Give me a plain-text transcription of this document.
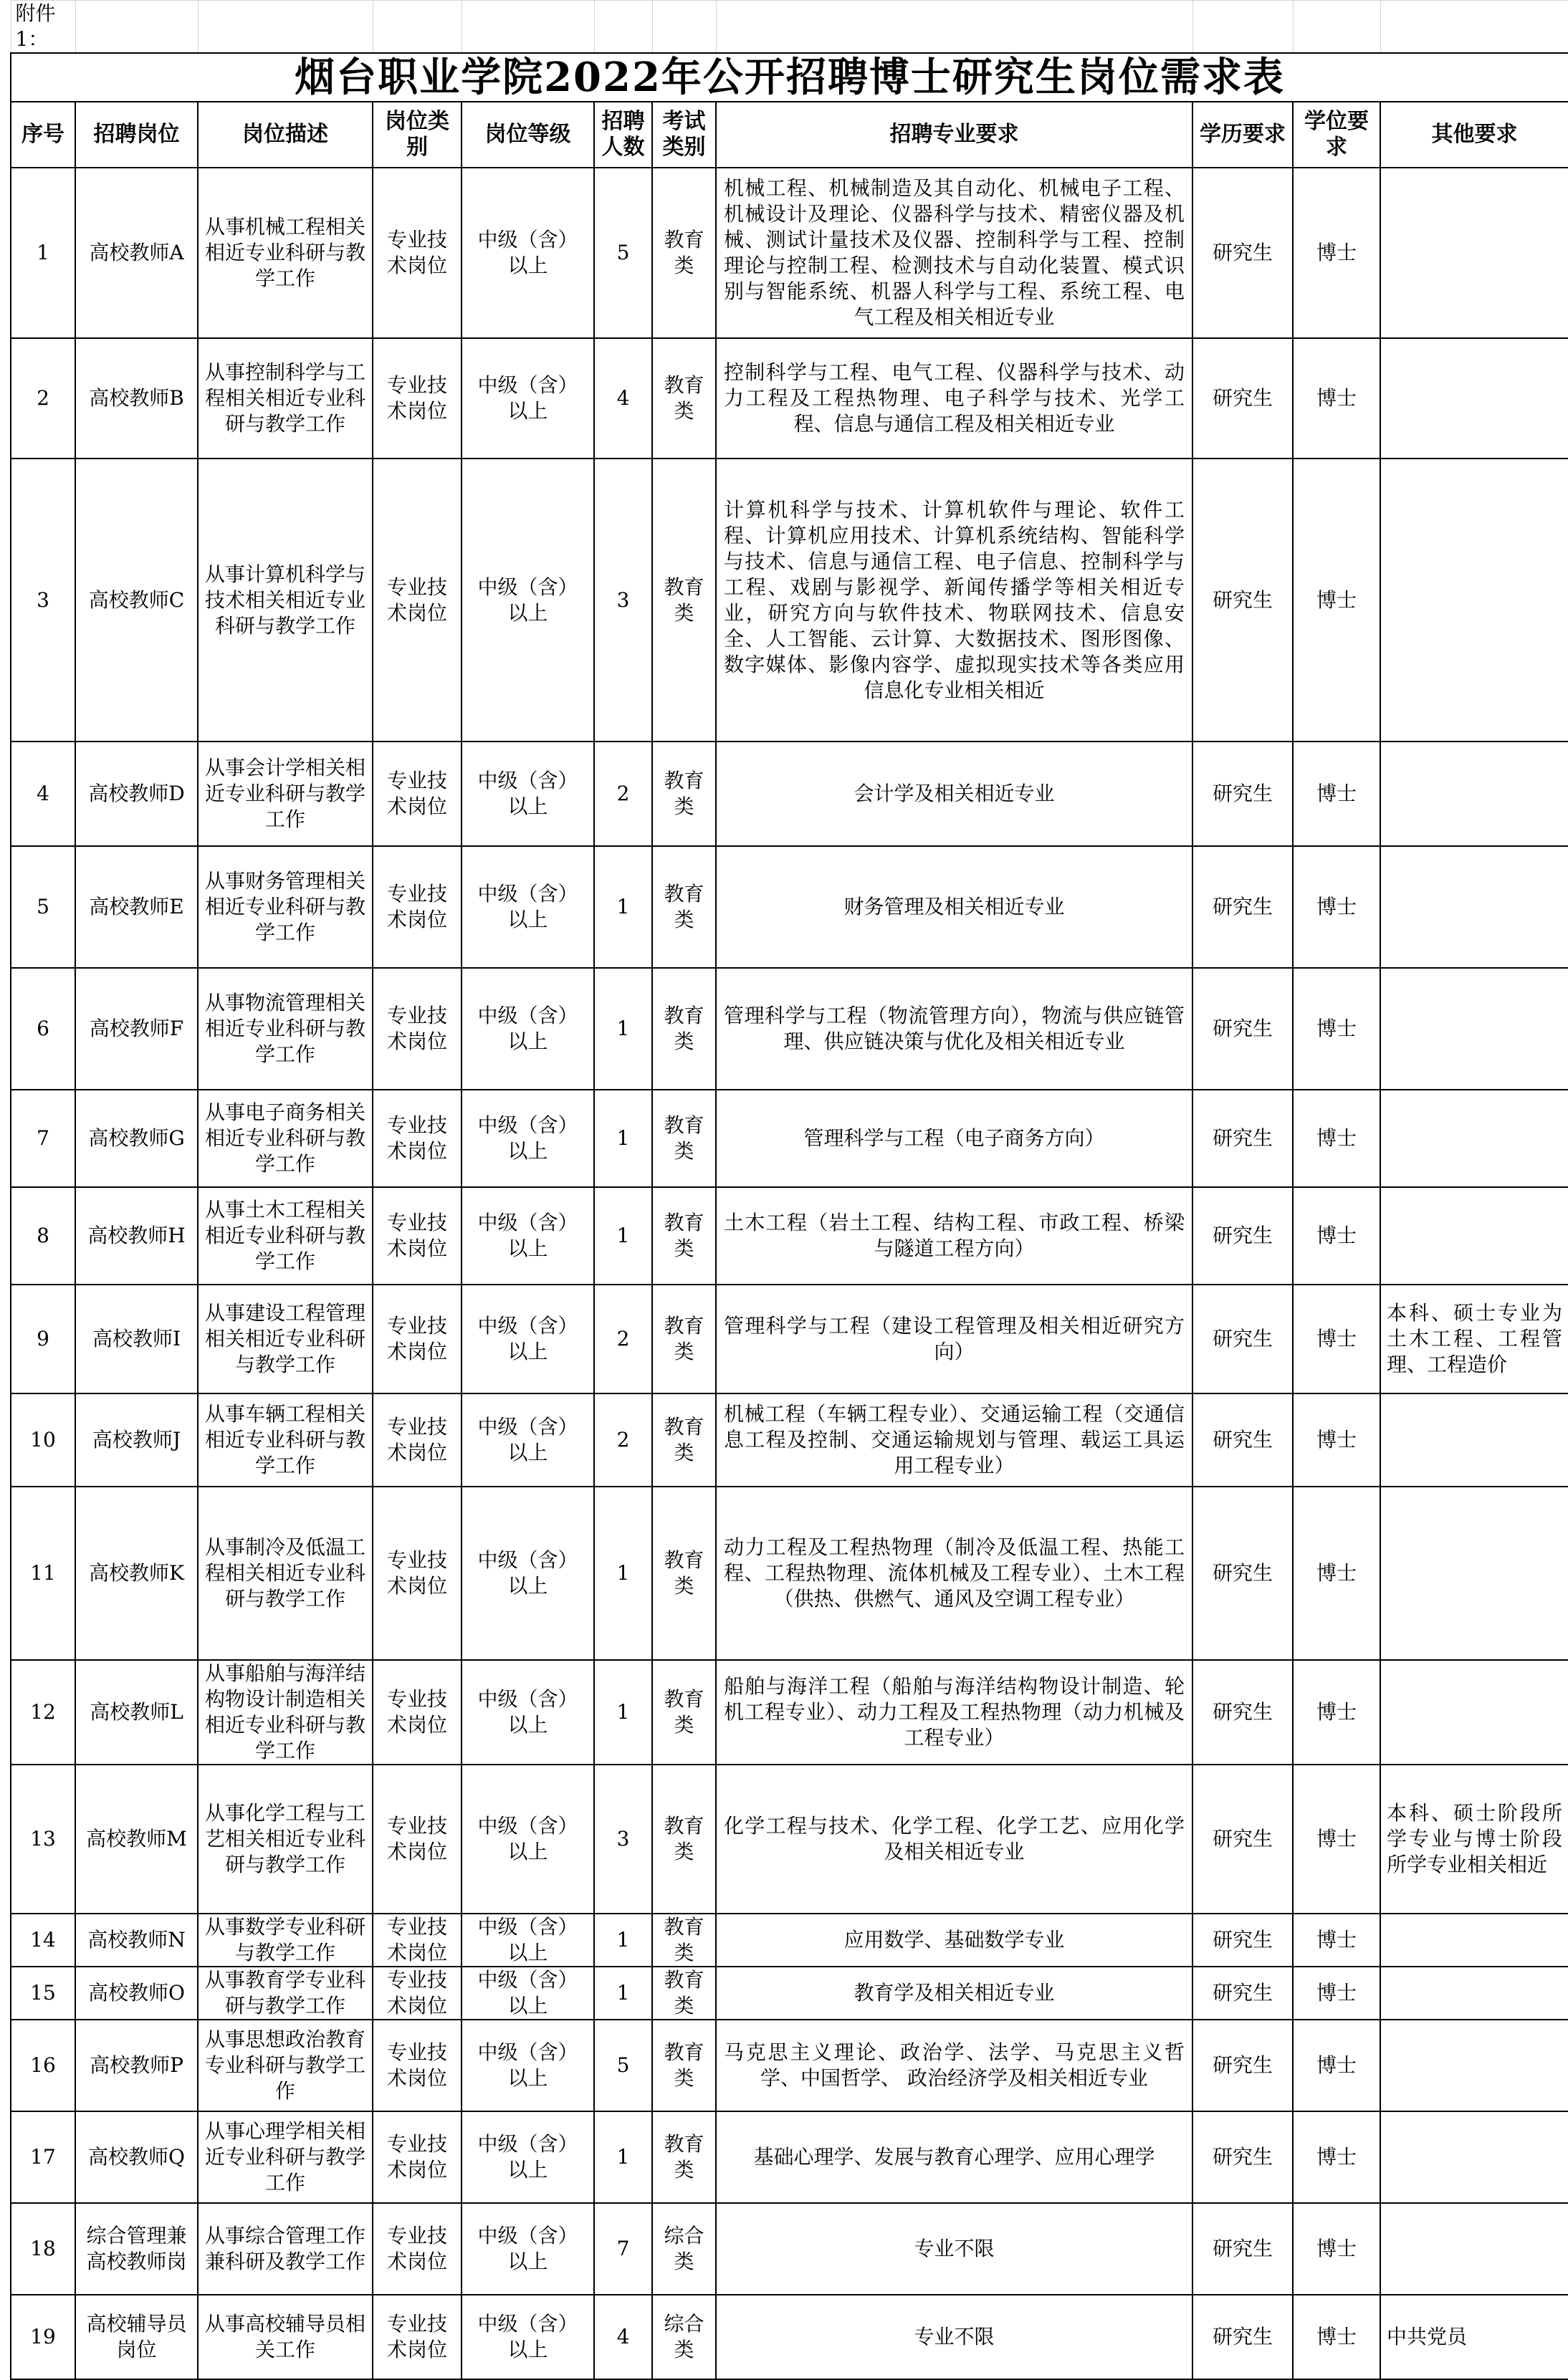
附件1：										
烟台职业学院2022年公开招聘博士研究生岗位需求表										
序号	招聘岗位	岗位描述	岗位类别	岗位等级	招聘人数	考试类别	招聘专业要求	学历要求	学位要求	其他要求
1	高校教师A	从事机械工程相关相近专业科研与教学工作	专业技术岗位	中级（含）以上	5	教育类	机械工程、机械制造及其自动化、机械电子工程、机械设计及理论、仪器科学与技术、精密仪器及机械、测试计量技术及仪器、控制科学与工程、控制理论与控制工程、检测技术与自动化装置、模式识别与智能系统、机器人科学与工程、系统工程、电气工程及相关相近专业	研究生	博士	
2	高校教师B	从事控制科学与工程相关相近专业科研与教学工作	专业技术岗位	中级（含）以上	4	教育类	控制科学与工程、电气工程、仪器科学与技术、动力工程及工程热物理、电子科学与技术、光学工程、信息与通信工程及相关相近专业	研究生	博士	
3	高校教师C	从事计算机科学与技术相关相近专业科研与教学工作	专业技术岗位	中级（含）以上	3	教育类	计算机科学与技术、计算机软件与理论、软件工程、计算机应用技术、计算机系统结构、智能科学与技术、信息与通信工程、电子信息、控制科学与工程、戏剧与影视学、新闻传播学等相关相近专业，研究方向与软件技术、物联网技术、信息安全、人工智能、云计算、大数据技术、图形图像、数字媒体、影像内容学、虚拟现实技术等各类应用信息化专业相关相近	研究生	博士	
4	高校教师D	从事会计学相关相近专业科研与教学工作	专业技术岗位	中级（含）以上	2	教育类	会计学及相关相近专业	研究生	博士	
5	高校教师E	从事财务管理相关相近专业科研与教学工作	专业技术岗位	中级（含）以上	1	教育类	财务管理及相关相近专业	研究生	博士	
6	高校教师F	从事物流管理相关相近专业科研与教学工作	专业技术岗位	中级（含）以上	1	教育类	管理科学与工程（物流管理方向），物流与供应链管理、供应链决策与优化及相关相近专业	研究生	博士	
7	高校教师G	从事电子商务相关相近专业科研与教学工作	专业技术岗位	中级（含）以上	1	教育类	管理科学与工程（电子商务方向）	研究生	博士	
8	高校教师H	从事土木工程相关相近专业科研与教学工作	专业技术岗位	中级（含）以上	1	教育类	土木工程（岩土工程、结构工程、市政工程、桥梁与隧道工程方向）	研究生	博士	
9	高校教师I	从事建设工程管理相关相近专业科研与教学工作	专业技术岗位	中级（含）以上	2	教育类	管理科学与工程（建设工程管理及相关相近研究方向）	研究生	博士	本科、硕士专业为土木工程、工程管理、工程造价
10	高校教师J	从事车辆工程相关相近专业科研与教学工作	专业技术岗位	中级（含）以上	2	教育类	机械工程（车辆工程专业）、交通运输工程（交通信息工程及控制、交通运输规划与管理、载运工具运用工程专业）	研究生	博士	
11	高校教师K	从事制冷及低温工程相关相近专业科研与教学工作	专业技术岗位	中级（含）以上	1	教育类	动力工程及工程热物理（制冷及低温工程、热能工程、工程热物理、流体机械及工程专业）、土木工程（供热、供燃气、通风及空调工程专业）	研究生	博士	
12	高校教师L	从事船舶与海洋结构物设计制造相关相近专业科研与教学工作	专业技术岗位	中级（含）以上	1	教育类	船舶与海洋工程（船舶与海洋结构物设计制造、轮机工程专业）、动力工程及工程热物理（动力机械及工程专业）	研究生	博士	
13	高校教师M	从事化学工程与工艺相关相近专业科研与教学工作	专业技术岗位	中级（含）以上	3	教育类	化学工程与技术、化学工程、化学工艺、应用化学及相关相近专业	研究生	博士	本科、硕士阶段所学专业与博士阶段所学专业相关相近
14	高校教师N	从事数学专业科研与教学工作	专业技术岗位	中级（含）以上	1	教育类	应用数学、基础数学专业	研究生	博士	
15	高校教师O	从事教育学专业科研与教学工作	专业技术岗位	中级（含）以上	1	教育类	教育学及相关相近专业	研究生	博士	
16	高校教师P	从事思想政治教育专业科研与教学工作	专业技术岗位	中级（含）以上	5	教育类	马克思主义理论、政治学、法学、马克思主义哲学、中国哲学、 政治经济学及相关相近专业	研究生	博士	
17	高校教师Q	从事心理学相关相近专业科研与教学工作	专业技术岗位	中级（含）以上	1	教育类	基础心理学、发展与教育心理学、应用心理学	研究生	博士	
18	综合管理兼高校教师岗	从事综合管理工作兼科研及教学工作	专业技术岗位	中级（含）以上	7	综合类	专业不限	研究生	博士	
19	高校辅导员岗位	从事高校辅导员相关工作	专业技术岗位	中级（含）以上	4	综合类	专业不限	研究生	博士	中共党员
